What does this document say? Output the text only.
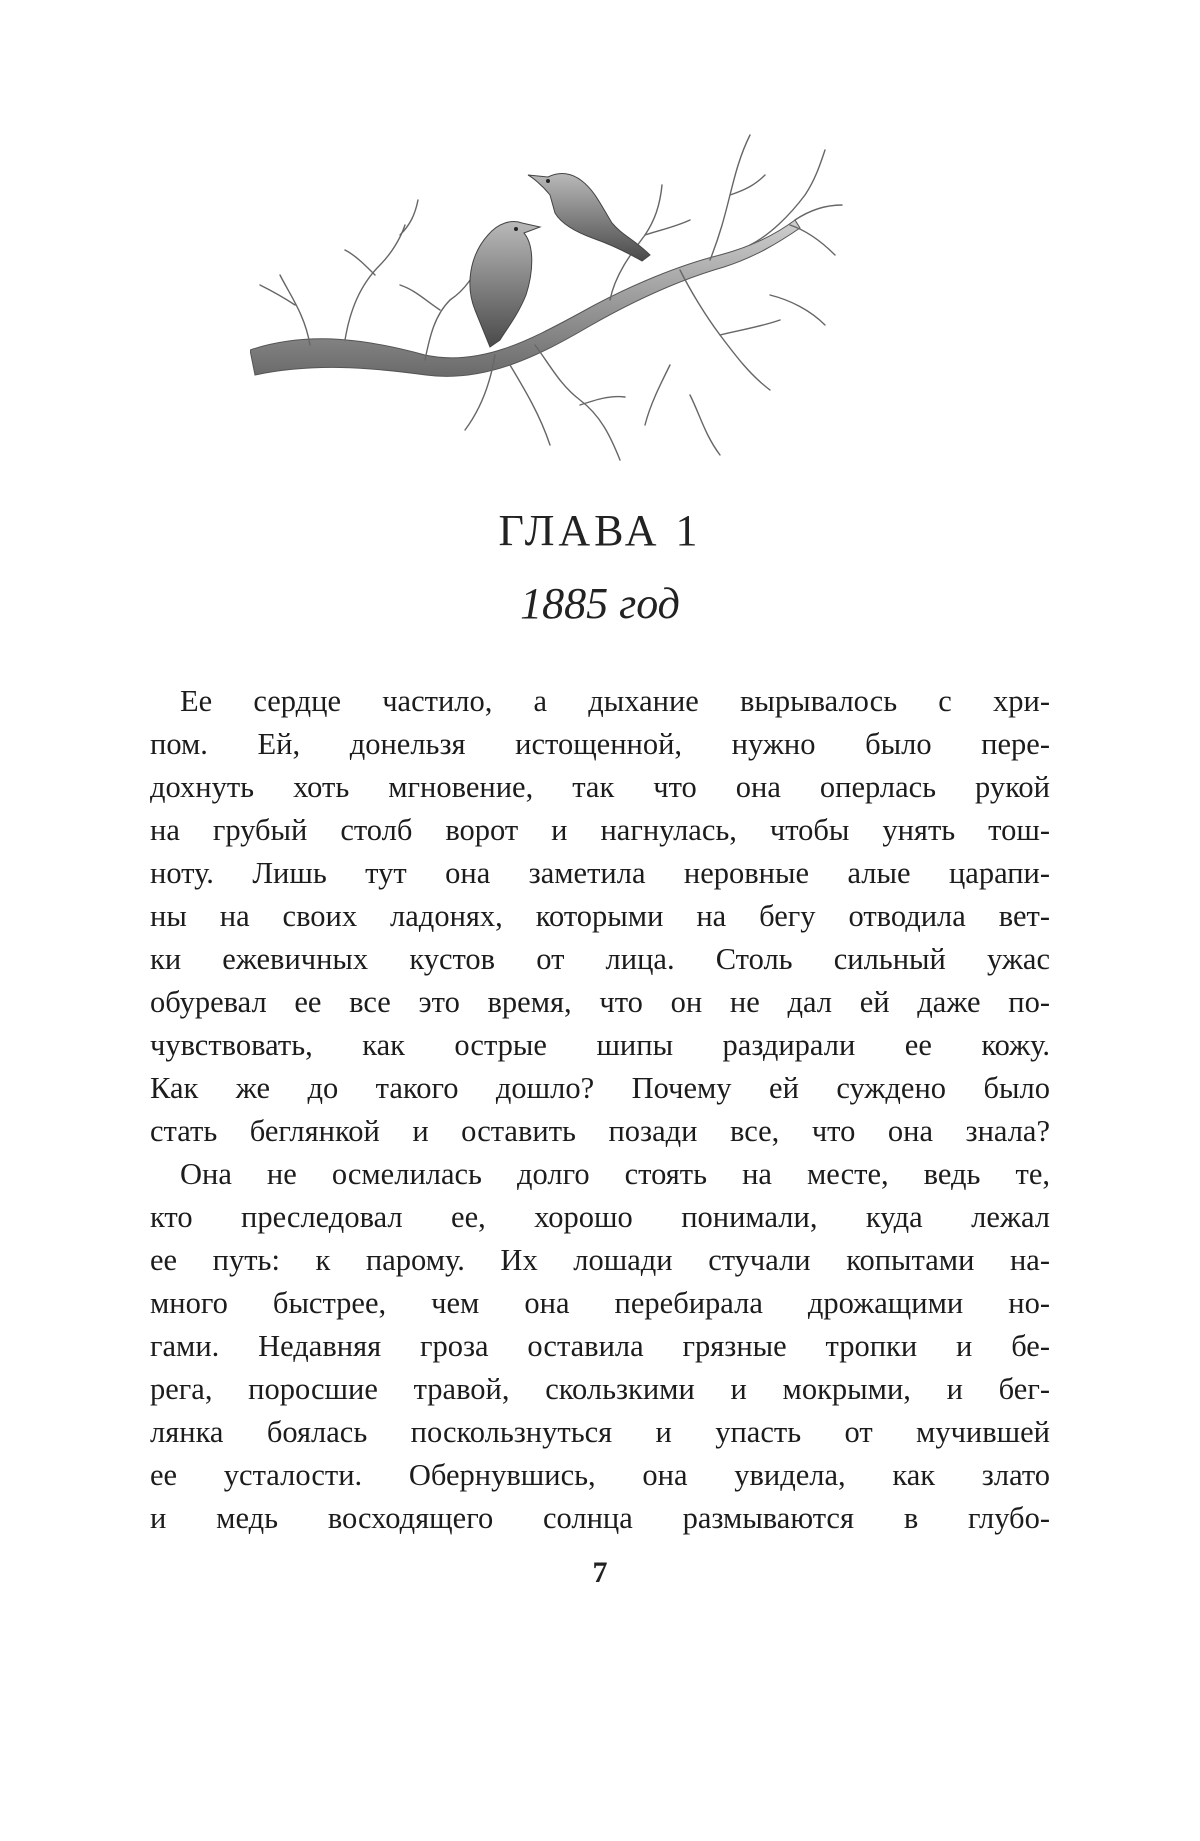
ГЛАВА 1
1885 год
Ее сердце частило, а дыхание вырывалось с хри-
пом. Ей, донельзя истощенной, нужно было пере-
дохнуть хоть мгновение, так что она оперлась рукой
на грубый столб ворот и нагнулась, чтобы унять тош-
ноту. Лишь тут она заметила неровные алые царапи-
ны на своих ладонях, которыми на бегу отводила вет-
ки ежевичных кустов от лица. Столь сильный ужас
обуревал ее все это время, что он не дал ей даже по-
чувствовать, как острые шипы раздирали ее кожу.
Как же до такого дошло? Почему ей суждено было
стать беглянкой и оставить позади все, что она знала?
Она не осмелилась долго стоять на месте, ведь те,
кто преследовал ее, хорошо понимали, куда лежал
ее путь: к парому. Их лошади стучали копытами на-
много быстрее, чем она перебирала дрожащими но-
гами. Недавняя гроза оставила грязные тропки и бе-
рега, поросшие травой, скользкими и мокрыми, и бег-
лянка боялась поскользнуться и упасть от мучившей
ее усталости. Обернувшись, она увидела, как злато
и медь восходящего солнца размываются в глубо-
7
